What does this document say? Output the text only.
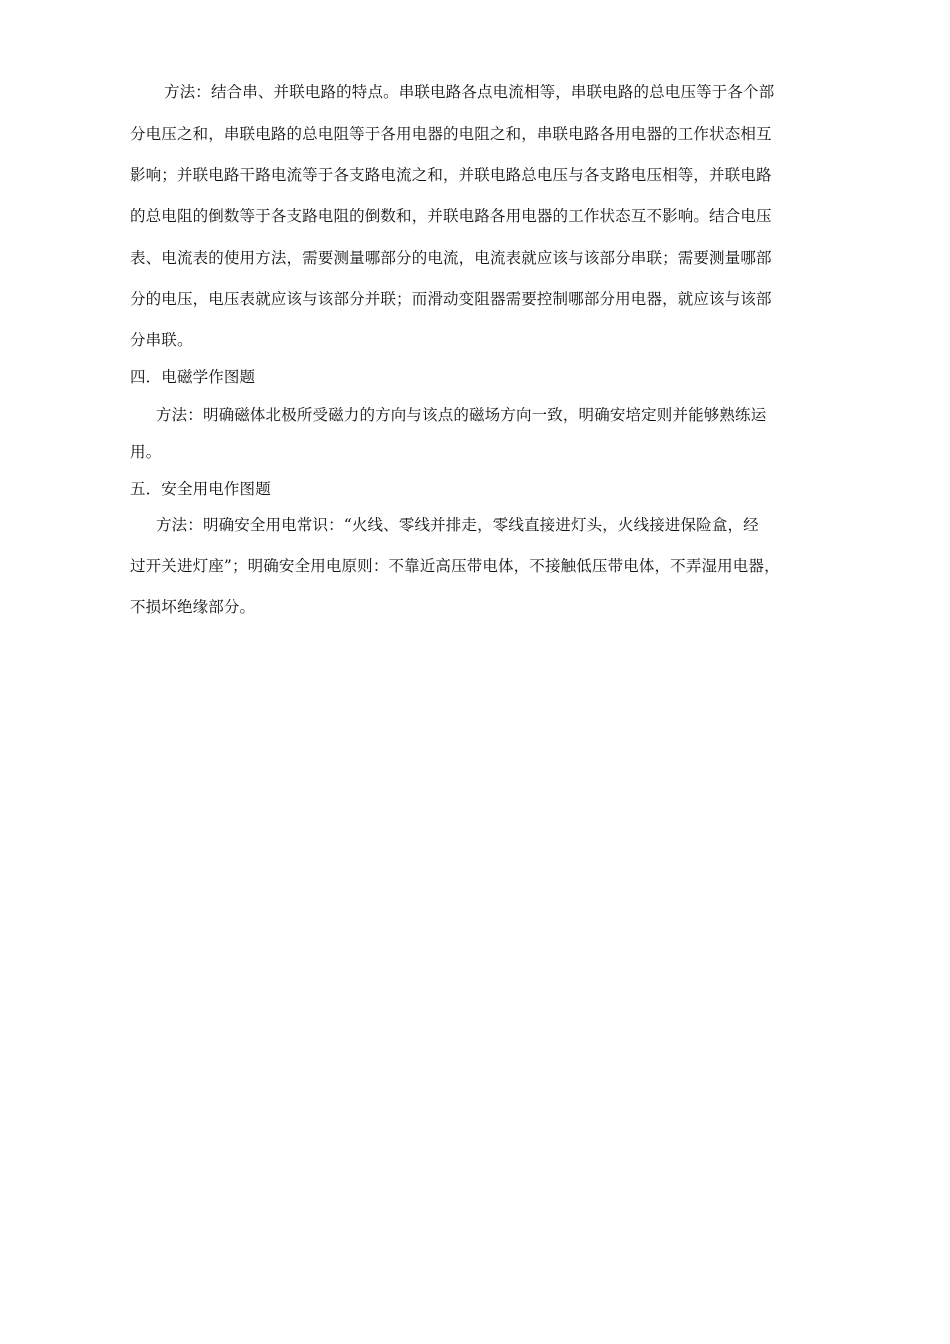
方法：结合串、并联电路的特点。串联电路各点电流相等，串联电路的总电压等于各个部
分电压之和，串联电路的总电阻等于各用电器的电阻之和，串联电路各用电器的工作状态相互
影响；并联电路干路电流等于各支路电流之和，并联电路总电压与各支路电压相等，并联电路
的总电阻的倒数等于各支路电阻的倒数和，并联电路各用电器的工作状态互不影响。结合电压
表、电流表的使用方法，需要测量哪部分的电流，电流表就应该与该部分串联；需要测量哪部
分的电压，电压表就应该与该部分并联；而滑动变阻器需要控制哪部分用电器，就应该与该部
分串联。
四．电磁学作图题
方法：明确磁体北极所受磁力的方向与该点的磁场方向一致，明确安培定则并能够熟练运
用。
五．安全用电作图题
方法：明确安全用电常识：“火线、零线并排走，零线直接进灯头，火线接进保险盒，经
过开关进灯座”；明确安全用电原则：不靠近高压带电体，不接触低压带电体，不弄湿用电器，
不损坏绝缘部分。
